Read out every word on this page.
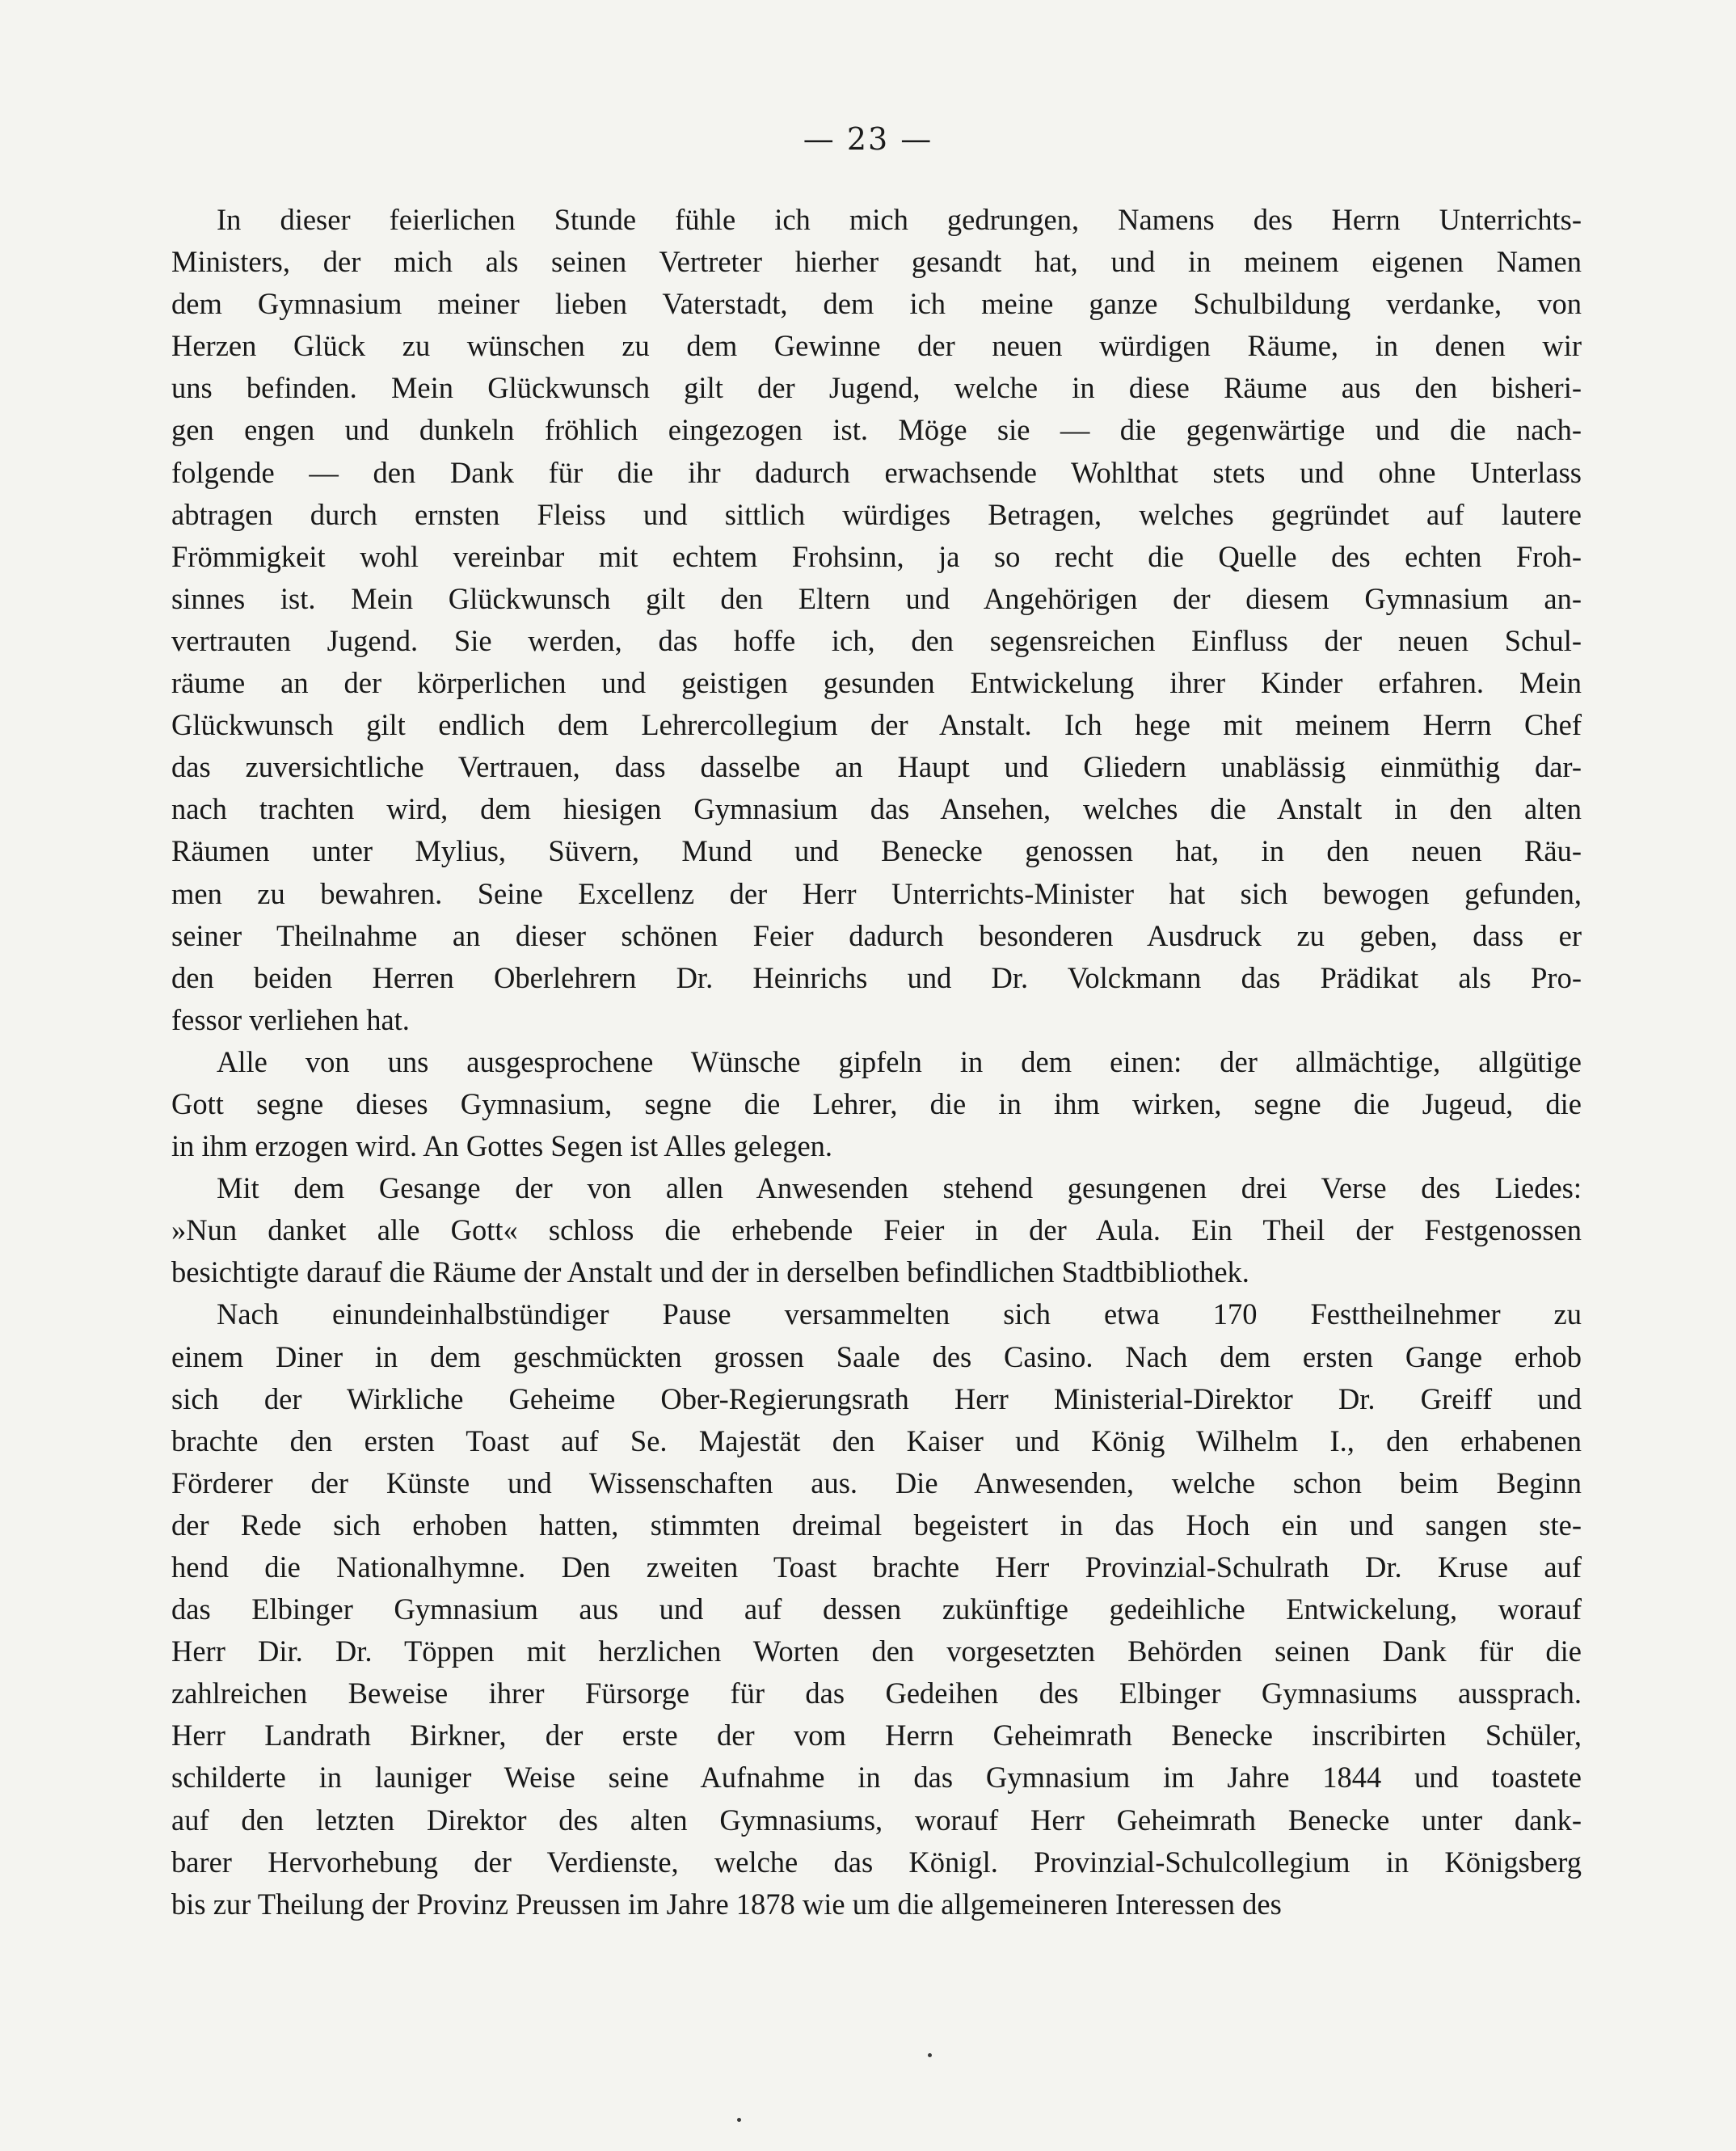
— 23 —
In dieser feierlichen Stunde fühle ich mich gedrungen, Namens des Herrn Unterrichts-
Ministers, der mich als seinen Vertreter hierher gesandt hat, und in meinem eigenen Namen
dem Gymnasium meiner lieben Vaterstadt, dem ich meine ganze Schulbildung verdanke, von
Herzen Glück zu wünschen zu dem Gewinne der neuen würdigen Räume, in denen wir
uns befinden. Mein Glückwunsch gilt der Jugend, welche in diese Räume aus den bisheri-
gen engen und dunkeln fröhlich eingezogen ist. Möge sie — die gegenwärtige und die nach-
folgende — den Dank für die ihr dadurch erwachsende Wohlthat stets und ohne Unterlass
abtragen durch ernsten Fleiss und sittlich würdiges Betragen, welches gegründet auf lautere
Frömmigkeit wohl vereinbar mit echtem Frohsinn, ja so recht die Quelle des echten Froh-
sinnes ist. Mein Glückwunsch gilt den Eltern und Angehörigen der diesem Gymnasium an-
vertrauten Jugend. Sie werden, das hoffe ich, den segensreichen Einfluss der neuen Schul-
räume an der körperlichen und geistigen gesunden Entwickelung ihrer Kinder erfahren. Mein
Glückwunsch gilt endlich dem Lehrercollegium der Anstalt. Ich hege mit meinem Herrn Chef
das zuversichtliche Vertrauen, dass dasselbe an Haupt und Gliedern unablässig einmüthig dar-
nach trachten wird, dem hiesigen Gymnasium das Ansehen, welches die Anstalt in den alten
Räumen unter Mylius, Süvern, Mund und Benecke genossen hat, in den neuen Räu-
men zu bewahren. Seine Excellenz der Herr Unterrichts-Minister hat sich bewogen gefunden,
seiner Theilnahme an dieser schönen Feier dadurch besonderen Ausdruck zu geben, dass er
den beiden Herren Oberlehrern Dr. Heinrichs und Dr. Volckmann das Prädikat als Pro-
fessor verliehen hat.
Alle von uns ausgesprochene Wünsche gipfeln in dem einen: der allmächtige, allgütige
Gott segne dieses Gymnasium, segne die Lehrer, die in ihm wirken, segne die Jugeud, die
in ihm erzogen wird. An Gottes Segen ist Alles gelegen.
Mit dem Gesange der von allen Anwesenden stehend gesungenen drei Verse des Liedes:
»Nun danket alle Gott« schloss die erhebende Feier in der Aula. Ein Theil der Festgenossen
besichtigte darauf die Räume der Anstalt und der in derselben befindlichen Stadtbibliothek.
Nach einundeinhalbstündiger Pause versammelten sich etwa 170 Festtheilnehmer zu
einem Diner in dem geschmückten grossen Saale des Casino. Nach dem ersten Gange erhob
sich der Wirkliche Geheime Ober-Regierungsrath Herr Ministerial-Direktor Dr. Greiff und
brachte den ersten Toast auf Se. Majestät den Kaiser und König Wilhelm I., den erhabenen
Förderer der Künste und Wissenschaften aus. Die Anwesenden, welche schon beim Beginn
der Rede sich erhoben hatten, stimmten dreimal begeistert in das Hoch ein und sangen ste-
hend die Nationalhymne. Den zweiten Toast brachte Herr Provinzial-Schulrath Dr. Kruse auf
das Elbinger Gymnasium aus und auf dessen zukünftige gedeihliche Entwickelung, worauf
Herr Dir. Dr. Töppen mit herzlichen Worten den vorgesetzten Behörden seinen Dank für die
zahlreichen Beweise ihrer Fürsorge für das Gedeihen des Elbinger Gymnasiums aussprach.
Herr Landrath Birkner, der erste der vom Herrn Geheimrath Benecke inscribirten Schüler,
schilderte in launiger Weise seine Aufnahme in das Gymnasium im Jahre 1844 und toastete
auf den letzten Direktor des alten Gymnasiums, worauf Herr Geheimrath Benecke unter dank-
barer Hervorhebung der Verdienste, welche das Königl. Provinzial-Schulcollegium in Königsberg
bis zur Theilung der Provinz Preussen im Jahre 1878 wie um die allgemeineren Interessen des
